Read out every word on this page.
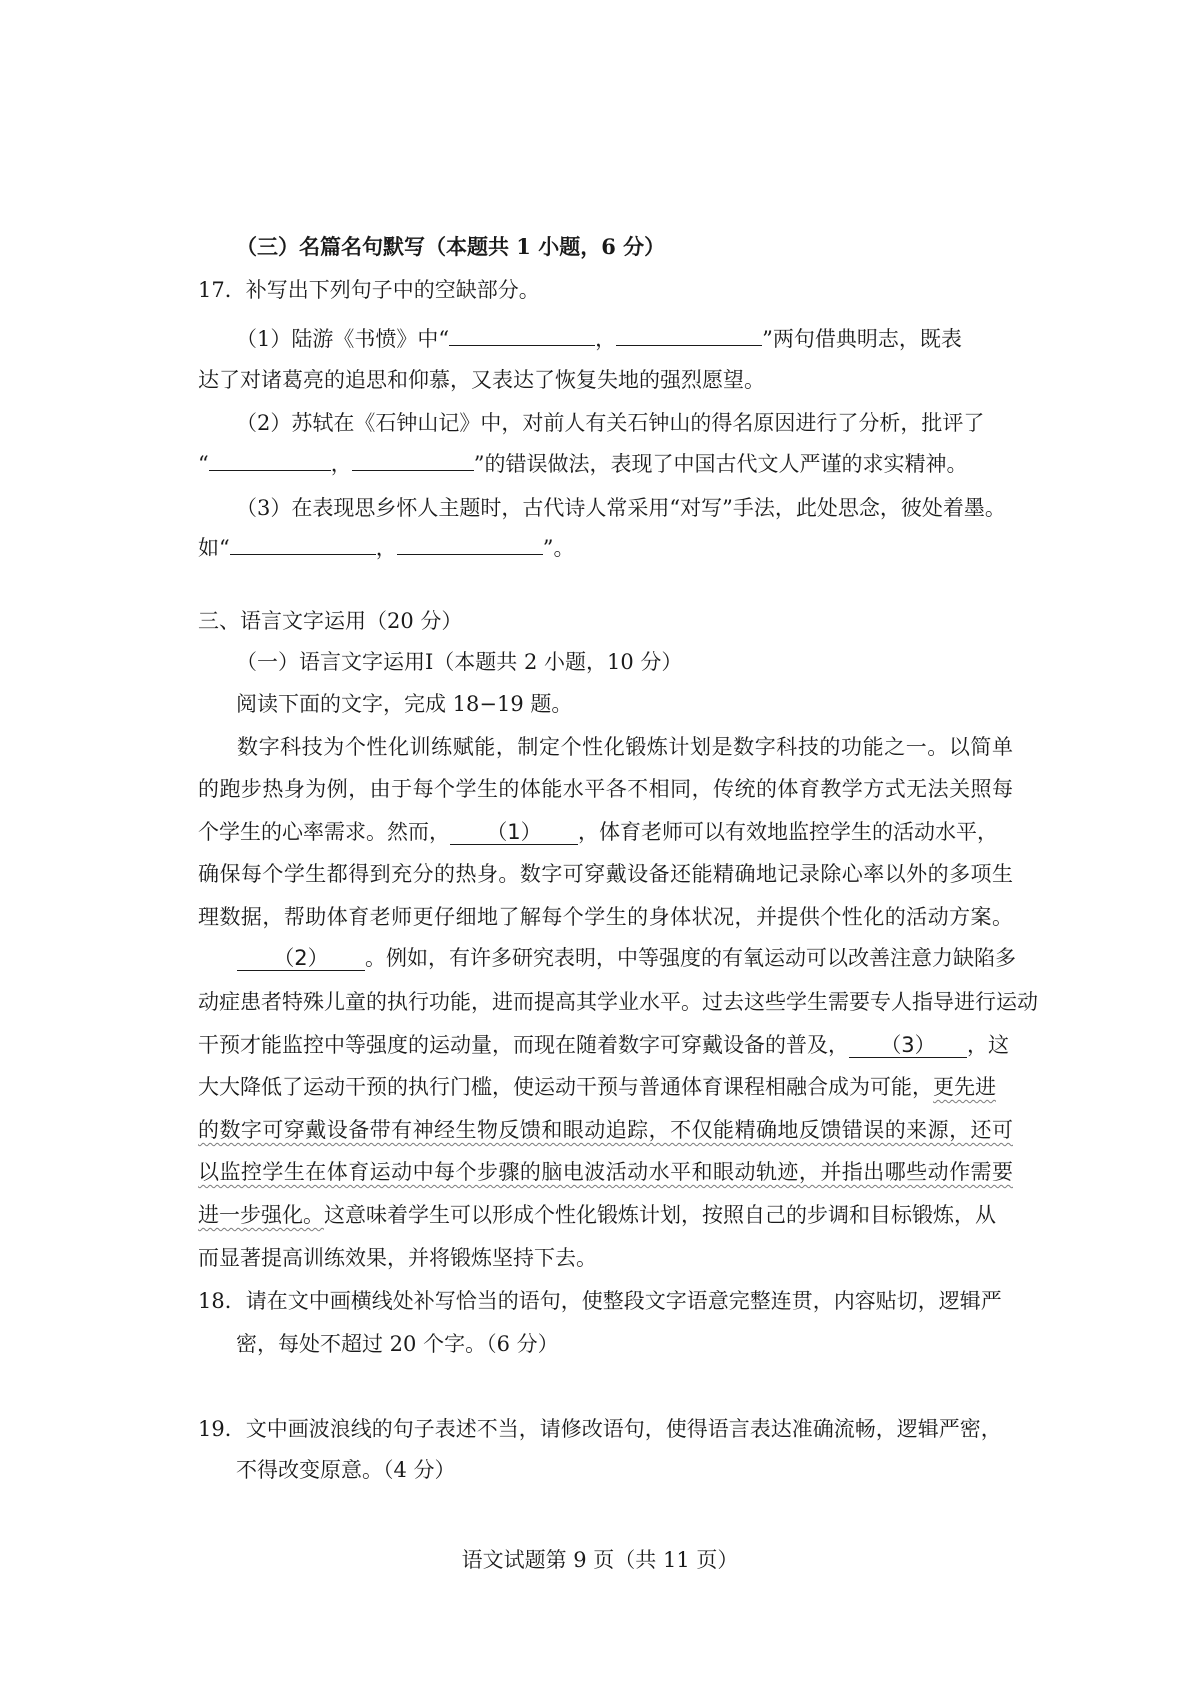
（三）名篇名句默写（本题共 1 小题，6 分）
17．补写出下列句子中的空缺部分。
（1）陆游《书愤》中“	，	”两句借典明志，既表
达了对诸葛亮的追思和仰慕，又表达了恢复失地的强烈愿望。
（2）苏轼在《石钟山记》中，对前人有关石钟山的得名原因进行了分析，批评了
“	，	”的错误做法，表现了中国古代文人严谨的求实精神。
（3）在表现思乡怀人主题时，古代诗人常采用“对写”手法，此处思念，彼处着墨。
如“	，	”。
三、语言文字运用（20 分）
（一）语言文字运用Ⅰ（本题共 2 小题，10 分）
阅读下面的文字，完成 18−19 题。
数字科技为个性化训练赋能，制定个性化锻炼计划是数字科技的功能之一。以简单
的跑步热身为例，由于每个学生的体能水平各不相同，传统的体育教学方式无法关照每
个学生的心率需求。然而， （1） ，体育老师可以有效地监控学生的活动水平，
确保每个学生都得到充分的热身。数字可穿戴设备还能精确地记录除心率以外的多项生
理数据，帮助体育老师更仔细地了解每个学生的身体状况，并提供个性化的活动方案。
（2） 。例如，有许多研究表明，中等强度的有氧运动可以改善注意力缺陷多
动症患者特殊儿童的执行功能，进而提高其学业水平。过去这些学生需要专人指导进行运动
干预才能监控中等强度的运动量，而现在随着数字可穿戴设备的普及， （3） ，这
大大降低了运动干预的执行门槛，使运动干预与普通体育课程相融合成为可能，更先进
的数字可穿戴设备带有神经生物反馈和眼动追踪，不仅能精确地反馈错误的来源，还可
以监控学生在体育运动中每个步骤的脑电波活动水平和眼动轨迹，并指出哪些动作需要
进一步强化。这意味着学生可以形成个性化锻炼计划，按照自己的步调和目标锻炼，从
而显著提高训练效果，并将锻炼坚持下去。
18．请在文中画横线处补写恰当的语句，使整段文字语意完整连贯，内容贴切，逻辑严
密，每处不超过 20 个字。（6 分）
19．文中画波浪线的句子表述不当，请修改语句，使得语言表达准确流畅，逻辑严密，
不得改变原意。（4 分）
语文试题第 9 页（共 11 页）
